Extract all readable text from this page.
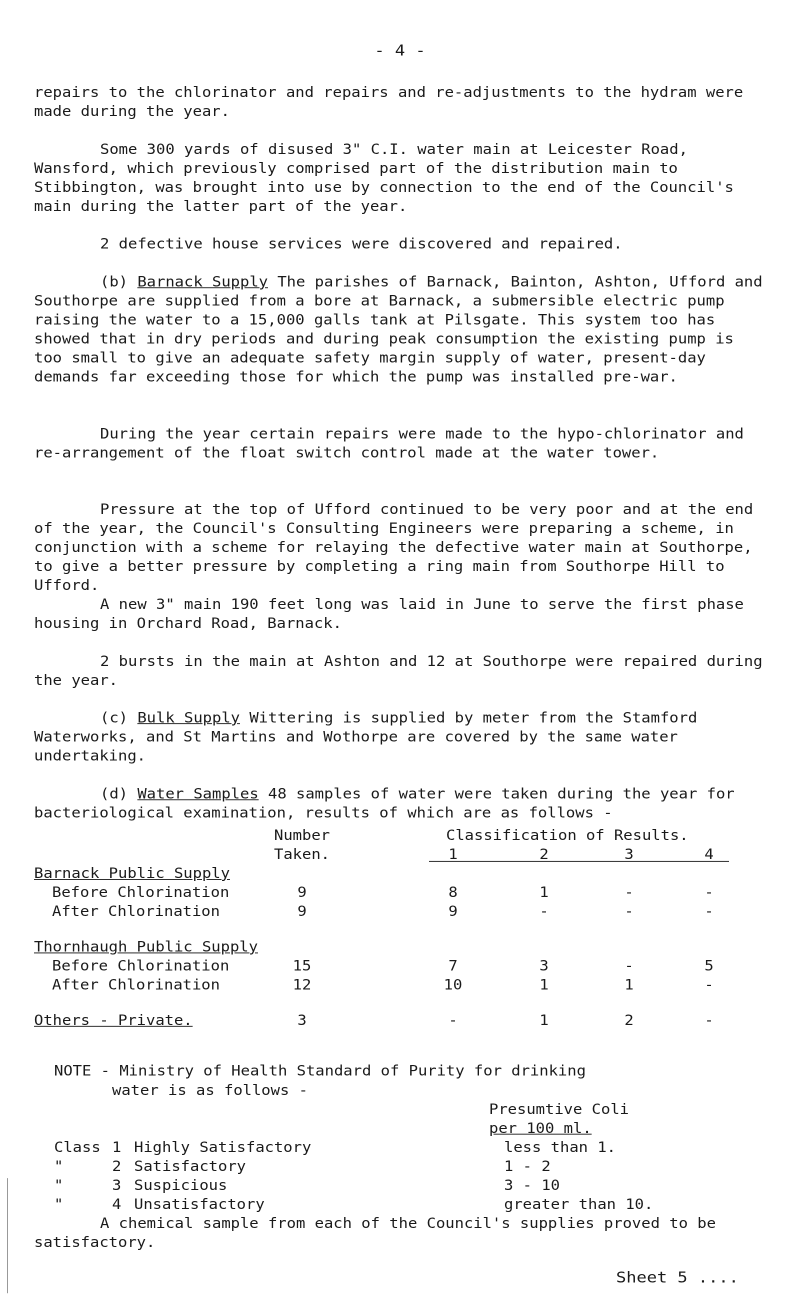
- 4 -

repairs to the chlorinator and repairs and re-adjustments to the hydram were made during the year.

Some 300 yards of disused 3" C.I. water main at Leicester Road, Wansford, which previously comprised part of the distribution main to Stibbington, was brought into use by connection to the end of the Council's main during the latter part of the year.

2 defective house services were discovered and repaired.

(b) Barnack Supply The parishes of Barnack, Bainton, Ashton, Ufford and Southorpe are supplied from a bore at Barnack, a submersible electric pump raising the water to a 15,000 galls tank at Pilsgate. This system too has showed that in dry periods and during peak consumption the existing pump is too small to give an adequate safety margin supply of water, present-day demands far exceeding those for which the pump was installed pre-war.

During the year certain repairs were made to the hypo-chlorinator and re-arrangement of the float switch control made at the water tower.

Pressure at the top of Ufford continued to be very poor and at the end of the year, the Council's Consulting Engineers were preparing a scheme, in conjunction with a scheme for relaying the defective water main at Southorpe, to give a better pressure by completing a ring main from Southorpe Hill to Ufford.

A new 3" main 190 feet long was laid in June to serve the first phase housing in Orchard Road, Barnack.

2 bursts in the main at Ashton and 12 at Southorpe were repaired during the year.

(c) Bulk Supply Wittering is supplied by meter from the Stamford Waterworks, and St Martins and Wothorpe are covered by the same water undertaking.

(d) Water Samples 48 samples of water were taken during the year for bacteriological examination, results of which are as follows -

Number	Classification of Results.
Taken.	1	2	3	4
Barnack Public Supply
Before Chlorination	9	8	1	-	-
After Chlorination	9	9	-	-	-
Thornhaugh Public Supply
Before Chlorination	15	7	3	-	5
After Chlorination	12	10	1	1	-
Others - Private.	3	-	1	2	-
NOTE - Ministry of Health Standard of Purity for drinking
water is as follows -
Presumtive Coli
per 100 ml.
Sheet 5 ....
Class 1 Highly Satisfactory	less than 1.
"	2 Satisfactory	1 - 2
"	3 Suspicious	3 - 10
"	4 Unsatisfactory	greater than 10.

A chemical sample from each of the Council's supplies proved to be satisfactory.
